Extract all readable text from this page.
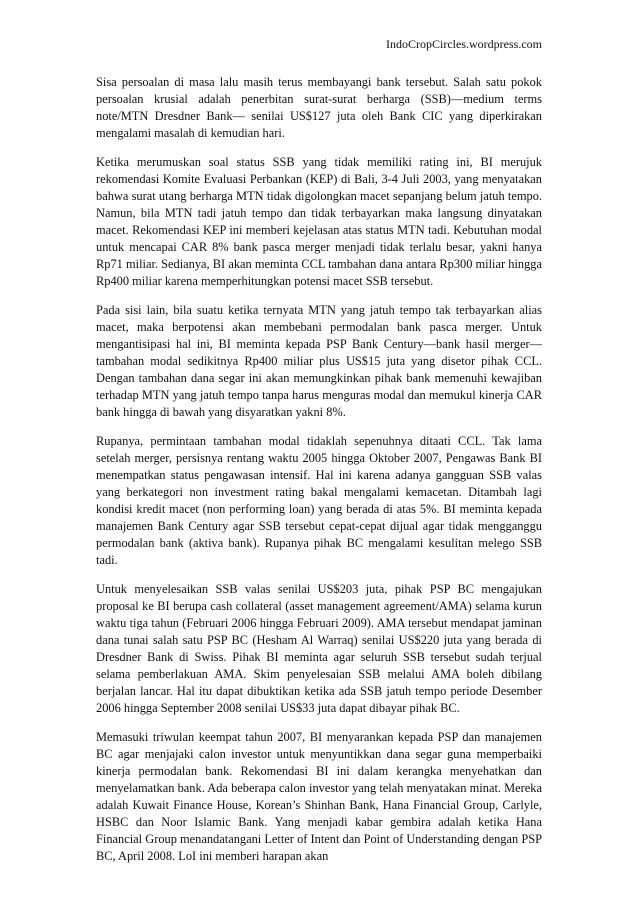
IndoCropCircles.wordpress.com

Sisa persoalan di masa lalu masih terus membayangi bank tersebut. Salah satu pokok persoalan krusial adalah penerbitan surat-surat berharga (SSB)—medium terms note/MTN Dresdner Bank— senilai US$127 juta oleh Bank CIC yang diperkirakan mengalami masalah di kemudian hari.

Ketika merumuskan soal status SSB yang tidak memiliki rating ini, BI merujuk rekomendasi Komite Evaluasi Perbankan (KEP) di Bali, 3-4 Juli 2003, yang menyatakan bahwa surat utang berharga MTN tidak digolongkan macet sepanjang belum jatuh tempo. Namun, bila MTN tadi jatuh tempo dan tidak terbayarkan maka langsung dinyatakan macet. Rekomendasi KEP ini memberi kejelasan atas status MTN tadi. Kebutuhan modal untuk mencapai CAR 8% bank pasca merger menjadi tidak terlalu besar, yakni hanya Rp71 miliar. Sedianya, BI akan meminta CCL tambahan dana antara Rp300 miliar hingga Rp400 miliar karena memperhitungkan potensi macet SSB tersebut.

Pada sisi lain, bila suatu ketika ternyata MTN yang jatuh tempo tak terbayarkan alias macet, maka berpotensi akan membebani permodalan bank pasca merger. Untuk mengantisipasi hal ini, BI meminta kepada PSP Bank Century—bank hasil merger—tambahan modal sedikitnya Rp400 miliar plus US$15 juta yang disetor pihak CCL. Dengan tambahan dana segar ini akan memungkinkan pihak bank memenuhi kewajiban terhadap MTN yang jatuh tempo tanpa harus menguras modal dan memukul kinerja CAR bank hingga di bawah yang disyaratkan yakni 8%.

Rupanya, permintaan tambahan modal tidaklah sepenuhnya ditaati CCL. Tak lama setelah merger, persisnya rentang waktu 2005 hingga Oktober 2007, Pengawas Bank BI menempatkan status pengawasan intensif. Hal ini karena adanya gangguan SSB valas yang berkategori non investment rating bakal mengalami kemacetan. Ditambah lagi kondisi kredit macet (non performing loan) yang berada di atas 5%. BI meminta kepada manajemen Bank Century agar SSB tersebut cepat-cepat dijual agar tidak mengganggu permodalan bank (aktiva bank). Rupanya pihak BC mengalami kesulitan melego SSB tadi.

Untuk menyelesaikan SSB valas senilai US$203 juta, pihak PSP BC mengajukan proposal ke BI berupa cash collateral (asset management agreement/AMA) selama kurun waktu tiga tahun (Februari 2006 hingga Februari 2009). AMA tersebut mendapat jaminan dana tunai salah satu PSP BC (Hesham Al Warraq) senilai US$220 juta yang berada di Dresdner Bank di Swiss. Pihak BI meminta agar seluruh SSB tersebut sudah terjual selama pemberlakuan AMA. Skim penyelesaian SSB melalui AMA boleh dibilang berjalan lancar. Hal itu dapat dibuktikan ketika ada SSB jatuh tempo periode Desember 2006 hingga September 2008 senilai US$33 juta dapat dibayar pihak BC.

Memasuki triwulan keempat tahun 2007, BI menyarankan kepada PSP dan manajemen BC agar menjajaki calon investor untuk menyuntikkan dana segar guna memperbaiki kinerja permodalan bank. Rekomendasi BI ini dalam kerangka menyehatkan dan menyelamatkan bank. Ada beberapa calon investor yang telah menyatakan minat. Mereka adalah Kuwait Finance House, Korean’s Shinhan Bank, Hana Financial Group, Carlyle, HSBC dan Noor Islamic Bank. Yang menjadi kabar gembira adalah ketika Hana Financial Group menandatangani Letter of Intent dan Point of Understanding dengan PSP BC, April 2008. LoI ini memberi harapan akan
